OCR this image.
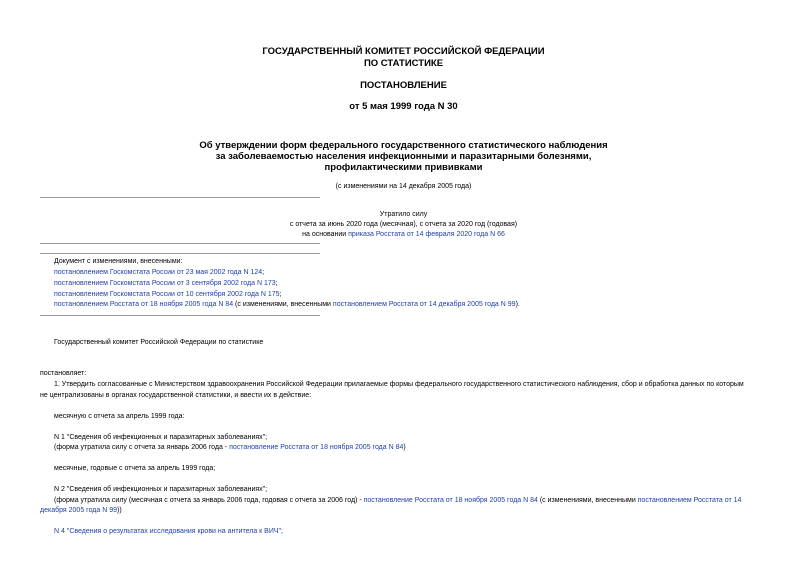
ГОСУДАРСТВЕННЫЙ КОМИТЕТ РОССИЙСКОЙ ФЕДЕРАЦИИ
ПО СТАТИСТИКЕ
ПОСТАНОВЛЕНИЕ
от 5 мая 1999 года N 30
Об утверждении форм федерального государственного статистического наблюдения
за заболеваемостью населения инфекционными и паразитарными болезнями,
профилактическими прививками
(с изменениями на 14 декабря 2005 года)
Утратило силу
с отчета за июнь 2020 года (месячная), с отчета за 2020 год (годовая)
на основании приказа Росстата от 14 февраля 2020 года N 66
Документ с изменениями, внесенными:
постановлением Госкомстата России от 23 мая 2002 года N 124;
постановлением Госкомстата России от 3 сентября 2002 года N 173;
постановлением Госкомстата России от 10 сентября 2002 года N 175;
постановлением Росстата от 18 ноября 2005 года N 84 (с изменениями, внесенными постановлением Росстата от 14 декабря 2005 года N 99).
Государственный комитет Российской Федерации по статистике
постановляет:
1. Утвердить согласованные с Министерством здравоохранения Российской Федерации прилагаемые формы федерального государственного статистического наблюдения, сбор и обработка данных по которым
не централизованы в органах государственной статистики, и ввести их в действие:
месячную с отчета за апрель 1999 года:
N 1 "Сведения об инфекционных и паразитарных заболеваниях";
(форма утратила силу с отчета за январь 2006 года - постановление Росстата от 18 ноября 2005 года N 84)
месячные, годовые с отчета за апрель 1999 года;
N 2 "Сведения об инфекционных и паразитарных заболеваниях";
(форма утратила силу (месячная с отчета за январь 2006 года, годовая с отчета за 2006 год) - постановление Росстата от 18 ноября 2005 года N 84 (с изменениями, внесенными постановлением Росстата от 14
декабря 2005 года N 99))
N 4 "Сведения о результатах исследования крови на антитела к ВИЧ";
